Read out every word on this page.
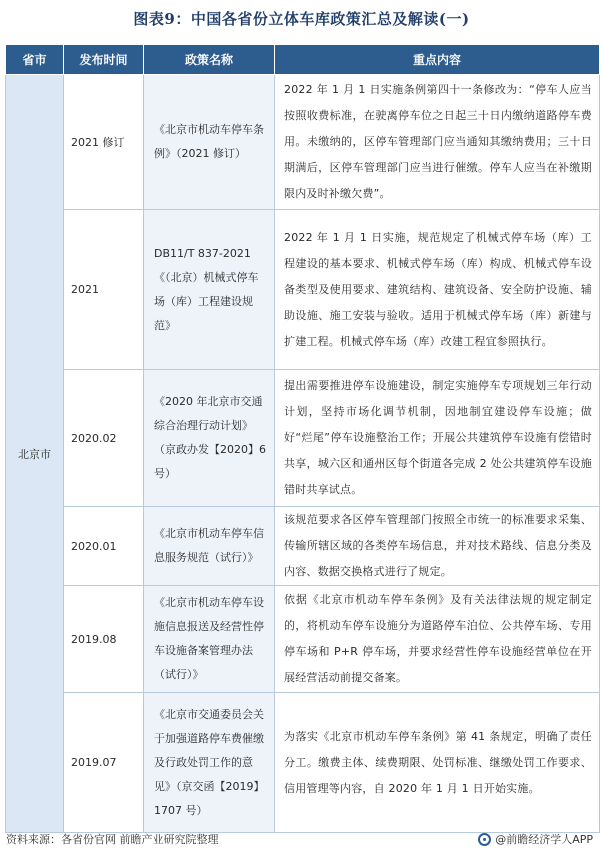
图表9：中国各省份立体车库政策汇总及解读(一)
省市	发布时间	政策名称	重点内容
北京市	2021 修订	《北京市机动车停车条例》（2021 修订）	2022 年 1 月 1 日实施条例第四十一条修改为：“停车人应当按照收费标准，在驶离停车位之日起三十日内缴纳道路停车费用。未缴纳的，区停车管理部门应当通知其缴纳费用；三十日期满后，区停车管理部门应当进行催缴。停车人应当在补缴期限内及时补缴欠费”。
	2021	DB11/T 837-2021《（北京）机械式停车场（库）工程建设规范》	2022 年 1 月 1 日实施，规范规定了机械式停车场（库）工程建设的基本要求、机械式停车场（库）构成、机械式停车设备类型及使用要求、建筑结构、建筑设备、安全防护设施、辅助设施、施工安装与验收。适用于机械式停车场（库）新建与扩建工程。机械式停车场（库）改建工程宜参照执行。
	2020.02	《2020 年北京市交通综合治理行动计划》（京政办发【2020】6 号）	提出需要推进停车设施建设，制定实施停车专项规划三年行动计划，坚持市场化调节机制，因地制宜建设停车设施；做好“烂尾”停车设施整治工作；开展公共建筑停车设施有偿错时共享，城六区和通州区每个街道各完成 2 处公共建筑停车设施错时共享试点。
	2020.01	《北京市机动车停车信息服务规范（试行）》	该规范要求各区停车管理部门按照全市统一的标准要求采集、传输所辖区域的各类停车场信息，并对技术路线、信息分类及内容、数据交换格式进行了规定。
	2019.08	《北京市机动车停车设施信息报送及经营性停车设施备案管理办法（试行）》	依据《北京市机动车停车条例》及有关法律法规的规定制定的，将机动车停车设施分为道路停车泊位、公共停车场、专用停车场和 P+R 停车场，并要求经营性停车设施经营单位在开展经营活动前提交备案。
	2019.07	《北京市交通委员会关于加强道路停车费催缴及行政处罚工作的意见》（京交函【2019】1707 号）	为落实《北京市机动车停车条例》第 41 条规定，明确了责任分工。缴费主体、续费期限、处罚标准、继缴处罚工作要求、信用管理等内容，自 2020 年 1 月 1 日开始实施。
资料来源：各省份官网 前瞻产业研究院整理	@前瞻经济学人APP
